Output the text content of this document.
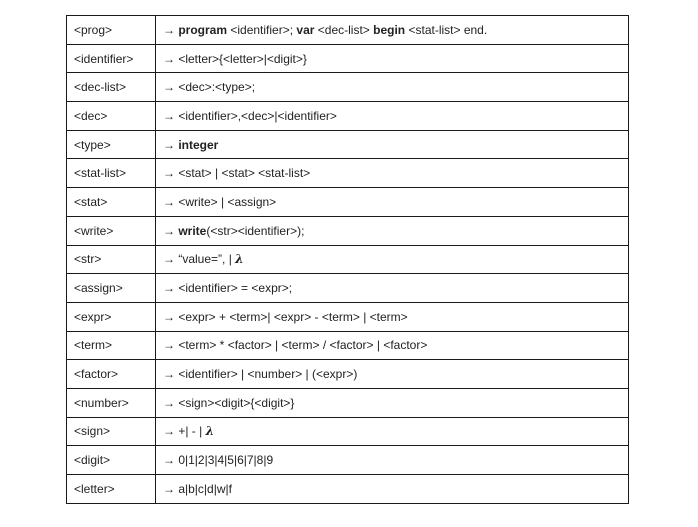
<prog>	→ program <identifier>; var <dec-list> begin <stat-list> end.
<identifier>	→ <letter>{<letter>|<digit>}
<dec-list>	→ <dec>:<type>;
<dec>	→ <identifier>,<dec>|<identifier>
<type>	→ integer
<stat-list>	→ <stat> | <stat> <stat-list>
<stat>	→ <write> | <assign>
<write>	→ write(<str><identifier>);
<str>	→ “value=”, | λ
<assign>	→ <identifier> = <expr>;
<expr>	→ <expr> + <term>| <expr> - <term> | <term>
<term>	→ <term> * <factor> | <term> / <factor> | <factor>
<factor>	→ <identifier> | <number> | (<expr>)
<number>	→ <sign><digit>{<digit>}
<sign>	→ +| - | λ
<digit>	→ 0|1|2|3|4|5|6|7|8|9
<letter>	→ a|b|c|d|w|f
